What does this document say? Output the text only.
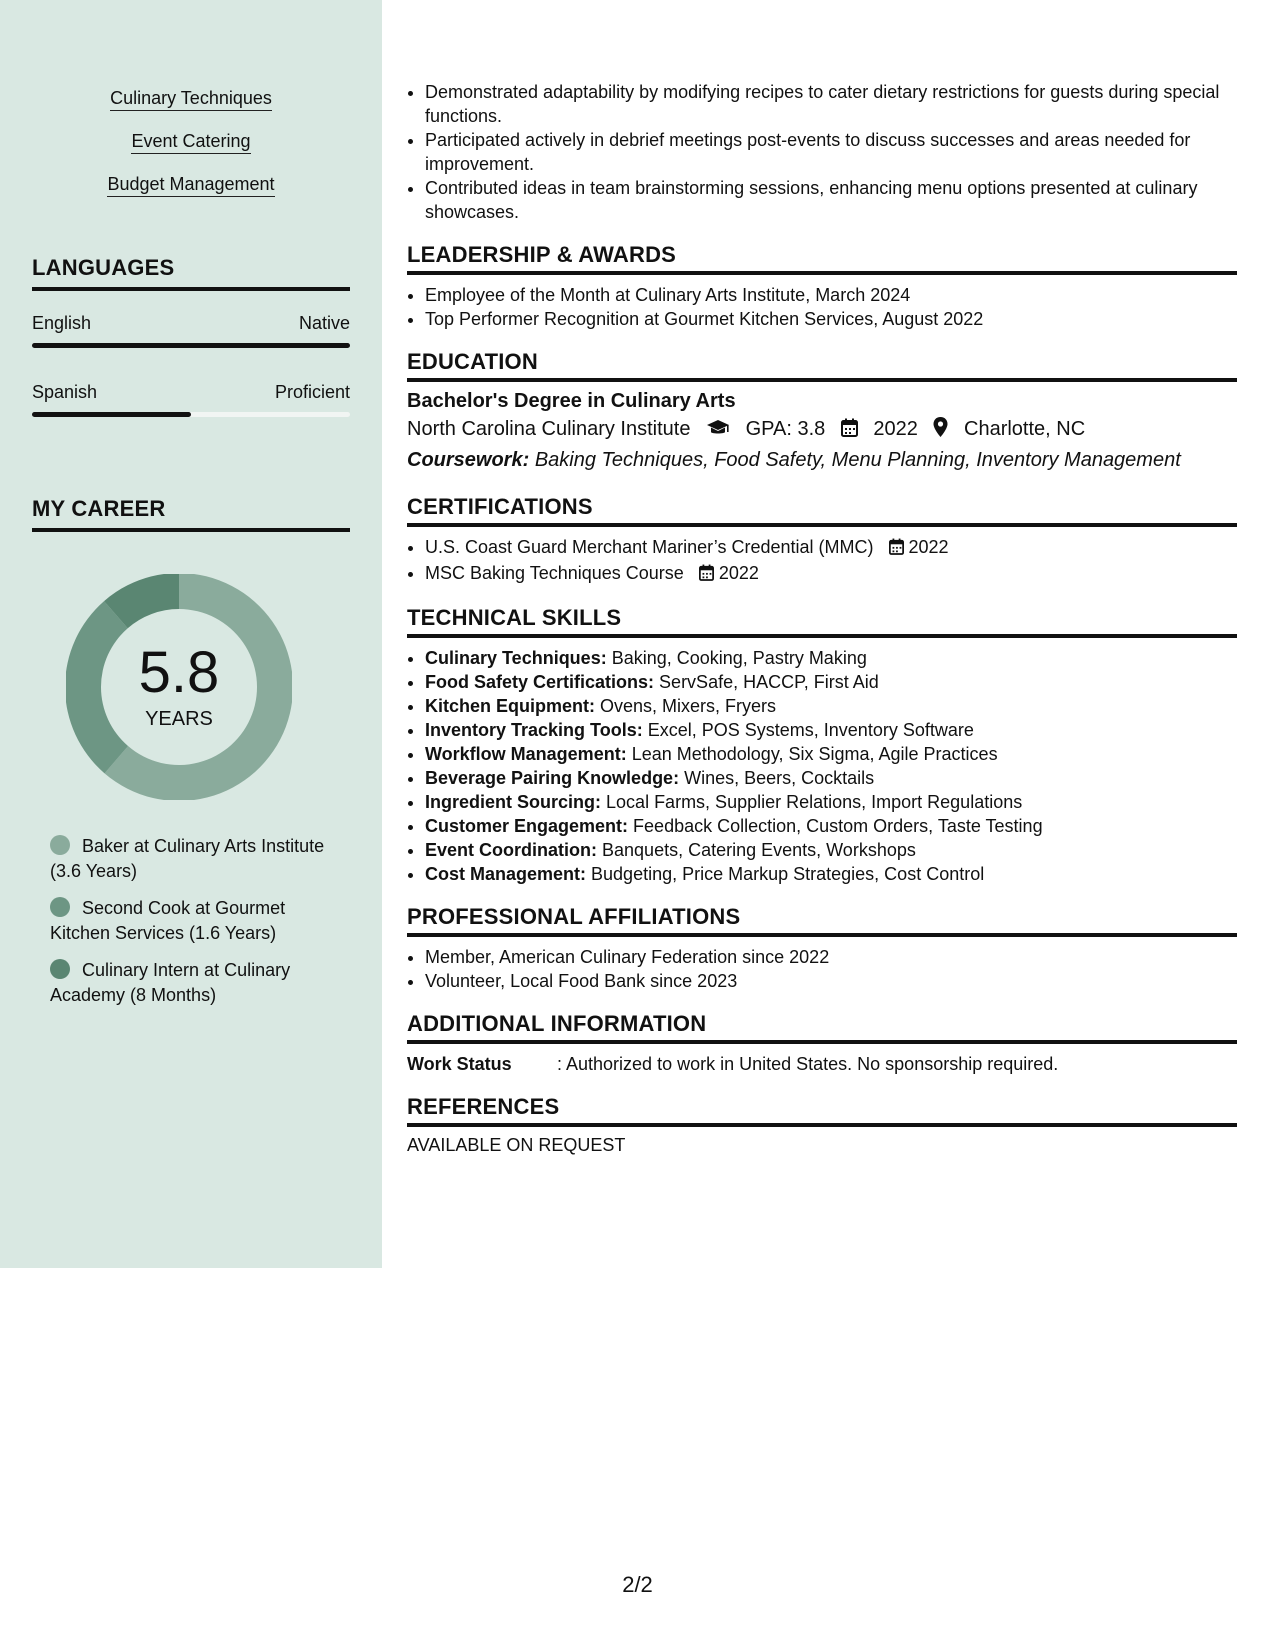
Culinary Techniques
Event Catering
Budget Management
LANGUAGES
English	Native
Spanish	Proficient
MY CAREER
5.8
YEARS
Baker at Culinary Arts Institute (3.6 Years)
Second Cook at Gourmet Kitchen Services (1.6 Years)
Culinary Intern at Culinary Academy (8 Months)
• Demonstrated adaptability by modifying recipes to cater dietary restrictions for guests during special functions.
• Participated actively in debrief meetings post-events to discuss successes and areas needed for improvement.
• Contributed ideas in team brainstorming sessions, enhancing menu options presented at culinary showcases.
LEADERSHIP & AWARDS
• Employee of the Month at Culinary Arts Institute, March 2024
• Top Performer Recognition at Gourmet Kitchen Services, August 2022
EDUCATION
Bachelor's Degree in Culinary Arts
North Carolina Culinary Institute	GPA: 3.8 2022 Charlotte, NC
Coursework: Baking Techniques, Food Safety, Menu Planning, Inventory Management
CERTIFICATIONS
• U.S. Coast Guard Merchant Mariner’s Credential (MMC) 2022
• MSC Baking Techniques Course 2022
TECHNICAL SKILLS
• Culinary Techniques: Baking, Cooking, Pastry Making
• Food Safety Certifications: ServSafe, HACCP, First Aid
• Kitchen Equipment: Ovens, Mixers, Fryers
• Inventory Tracking Tools: Excel, POS Systems, Inventory Software
• Workflow Management: Lean Methodology, Six Sigma, Agile Practices
• Beverage Pairing Knowledge: Wines, Beers, Cocktails
• Ingredient Sourcing: Local Farms, Supplier Relations, Import Regulations
• Customer Engagement: Feedback Collection, Custom Orders, Taste Testing
• Event Coordination: Banquets, Catering Events, Workshops
• Cost Management: Budgeting, Price Markup Strategies, Cost Control
PROFESSIONAL AFFILIATIONS
• Member, American Culinary Federation since 2022
• Volunteer, Local Food Bank since 2023
ADDITIONAL INFORMATION
Work Status	: Authorized to work in United States. No sponsorship required.
REFERENCES
AVAILABLE ON REQUEST
2/2
